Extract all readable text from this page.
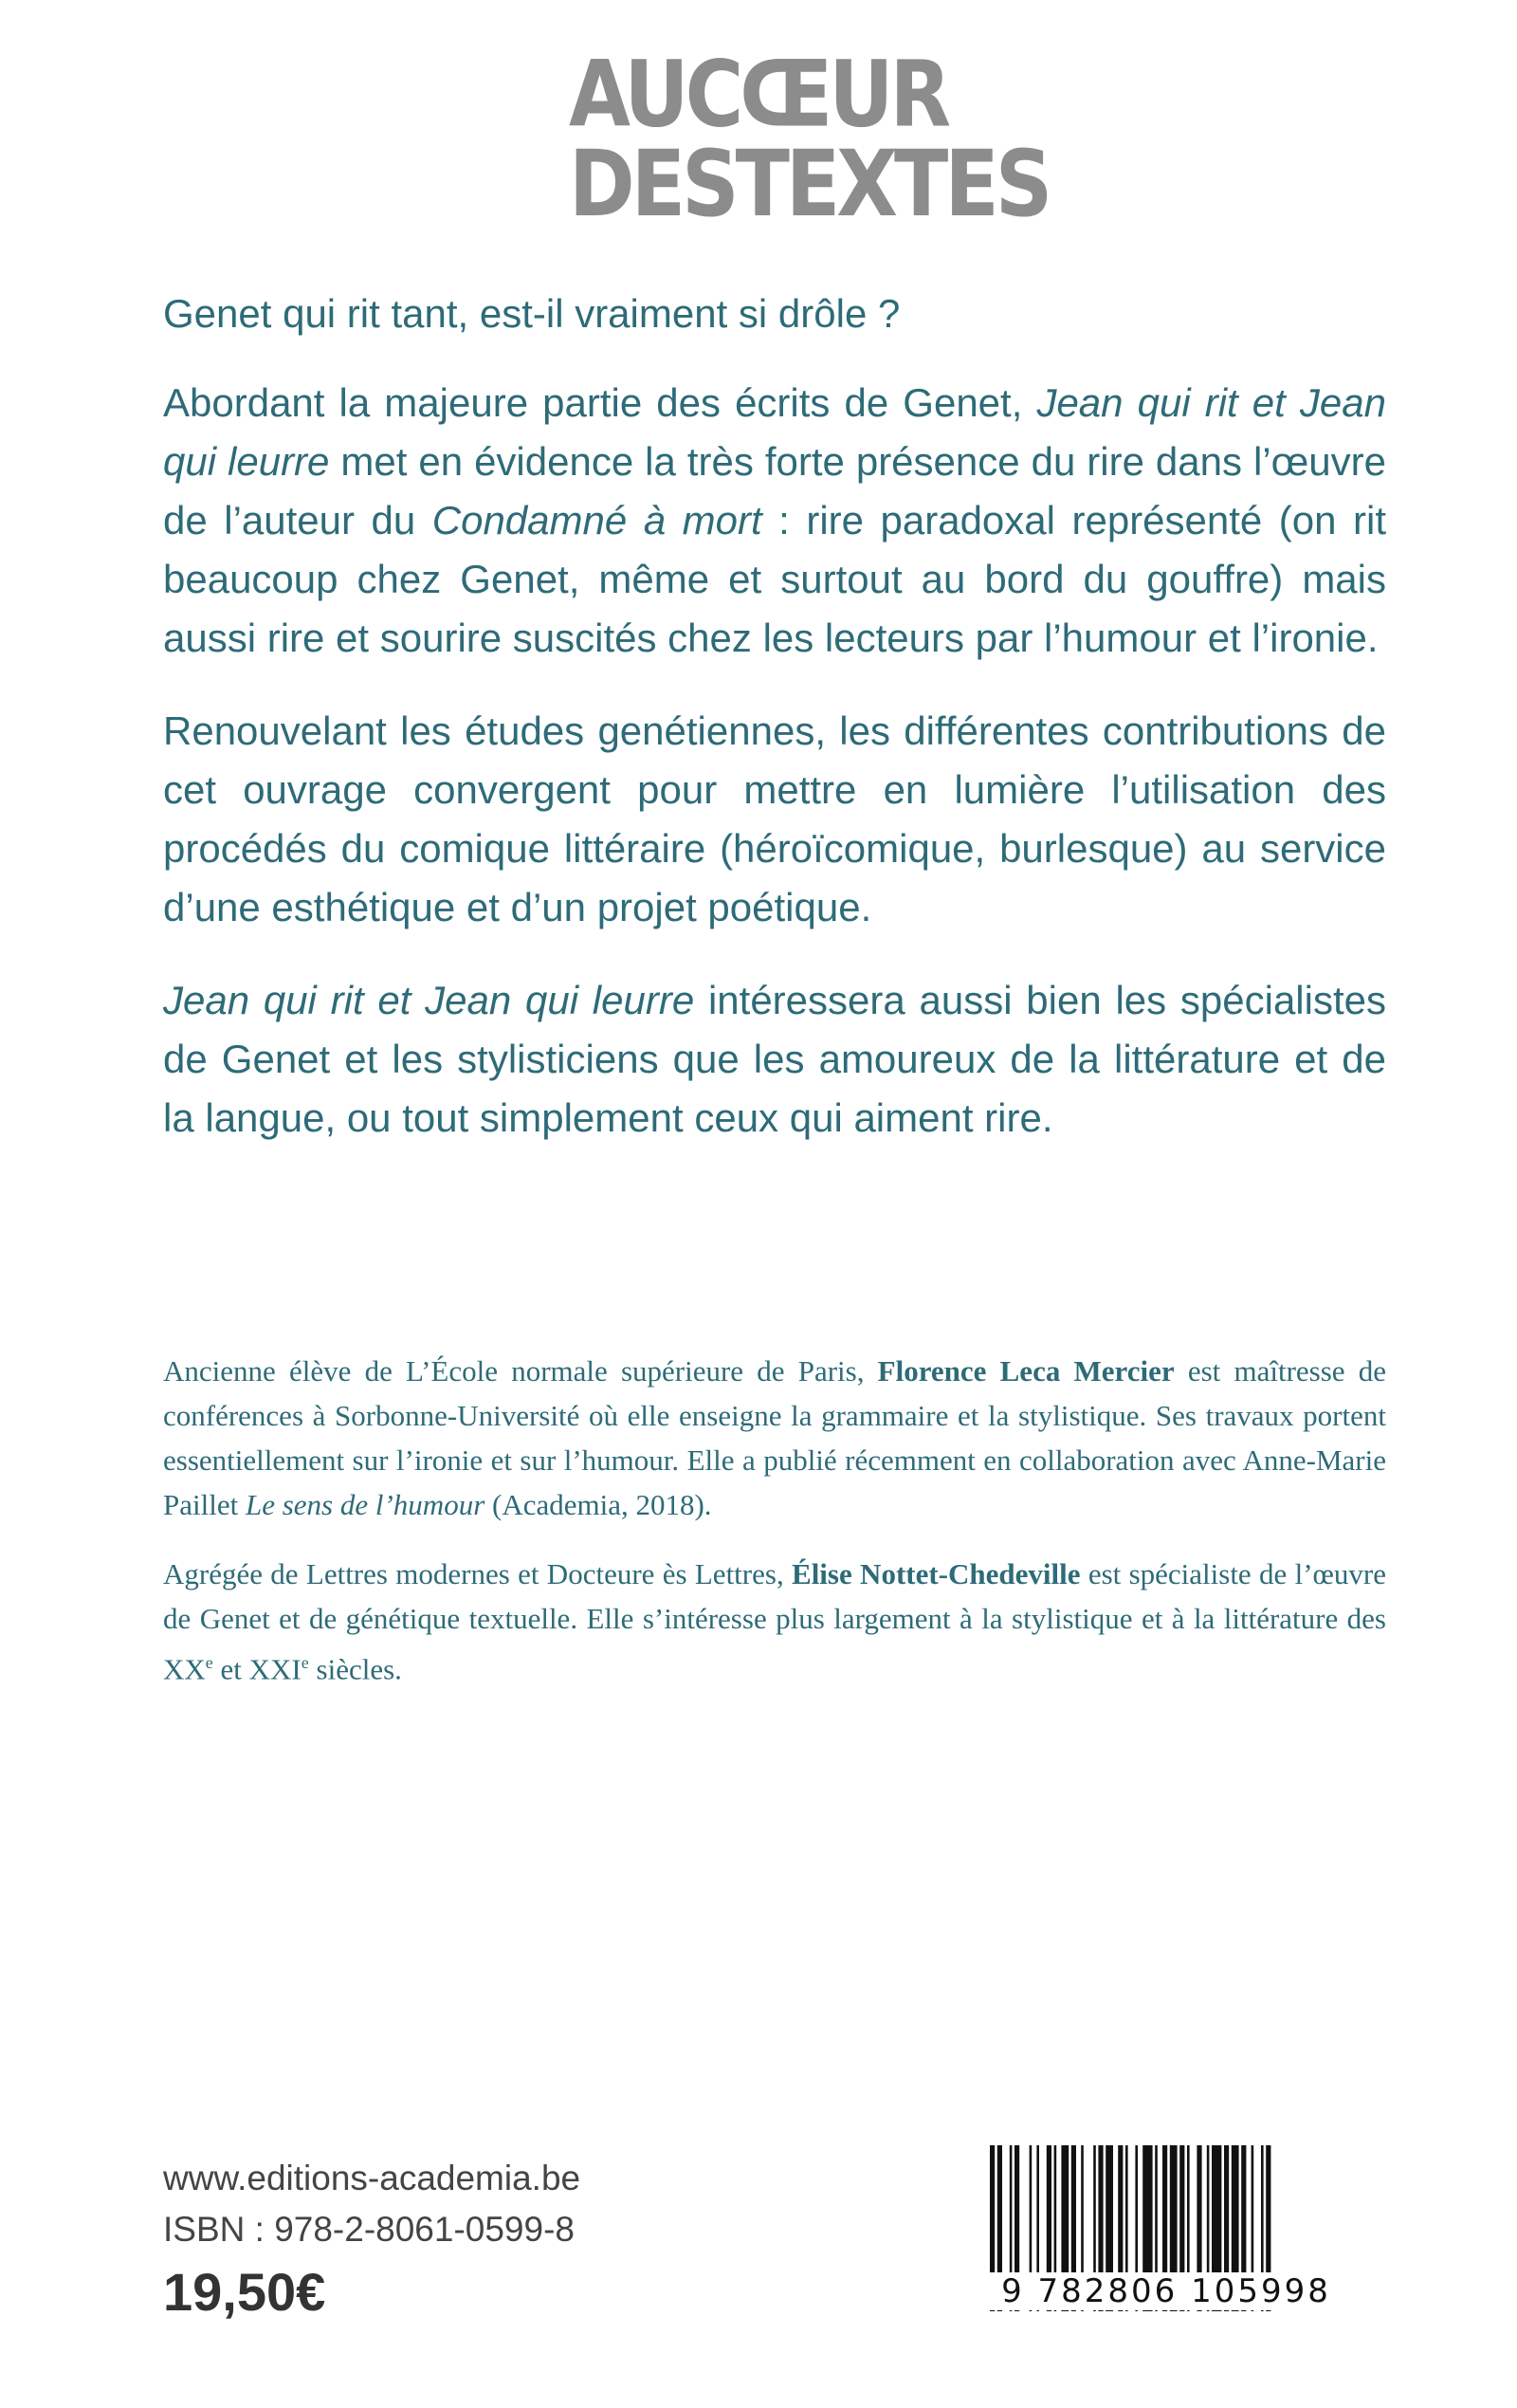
AUCŒUR
DESTEXTES

Genet qui rit tant, est-il vraiment si drôle ?

Abordant la majeure partie des écrits de Genet, Jean qui rit et Jean qui leurre met en évidence la très forte présence du rire dans l’œuvre de l’auteur du Condamné à mort : rire paradoxal représenté (on rit beaucoup chez Genet, même et surtout au bord du gouffre) mais aussi rire et sourire suscités chez les lecteurs par l’humour et l’ironie.

Renouvelant les études genétiennes, les différentes contributions de cet ouvrage convergent pour mettre en lumière l’utilisation des procédés du comique littéraire (héroïcomique, burlesque) au service d’une esthétique et d’un projet poétique.

Jean qui rit et Jean qui leurre intéressera aussi bien les spécialistes de Genet et les stylisticiens que les amoureux de la littérature et de la langue, ou tout simplement ceux qui aiment rire.

Ancienne élève de L’École normale supérieure de Paris, Florence Leca Mercier est maîtresse de conférences à Sorbonne-Université où elle enseigne la grammaire et la stylistique. Ses travaux portent essentiellement sur l’ironie et sur l’humour. Elle a publié récemment en collaboration avec Anne-Marie Paillet Le sens de l’humour (Academia, 2018).

Agrégée de Lettres modernes et Docteure ès Lettres, Élise Nottet-Chedeville est spécialiste de l’œuvre de Genet et de génétique textuelle. Elle s’intéresse plus largement à la stylistique et à la littérature des XXe et XXIe siècles.

www.editions-academia.be
ISBN : 978-2-8061-0599-8
19,50€	9 782806 105998
